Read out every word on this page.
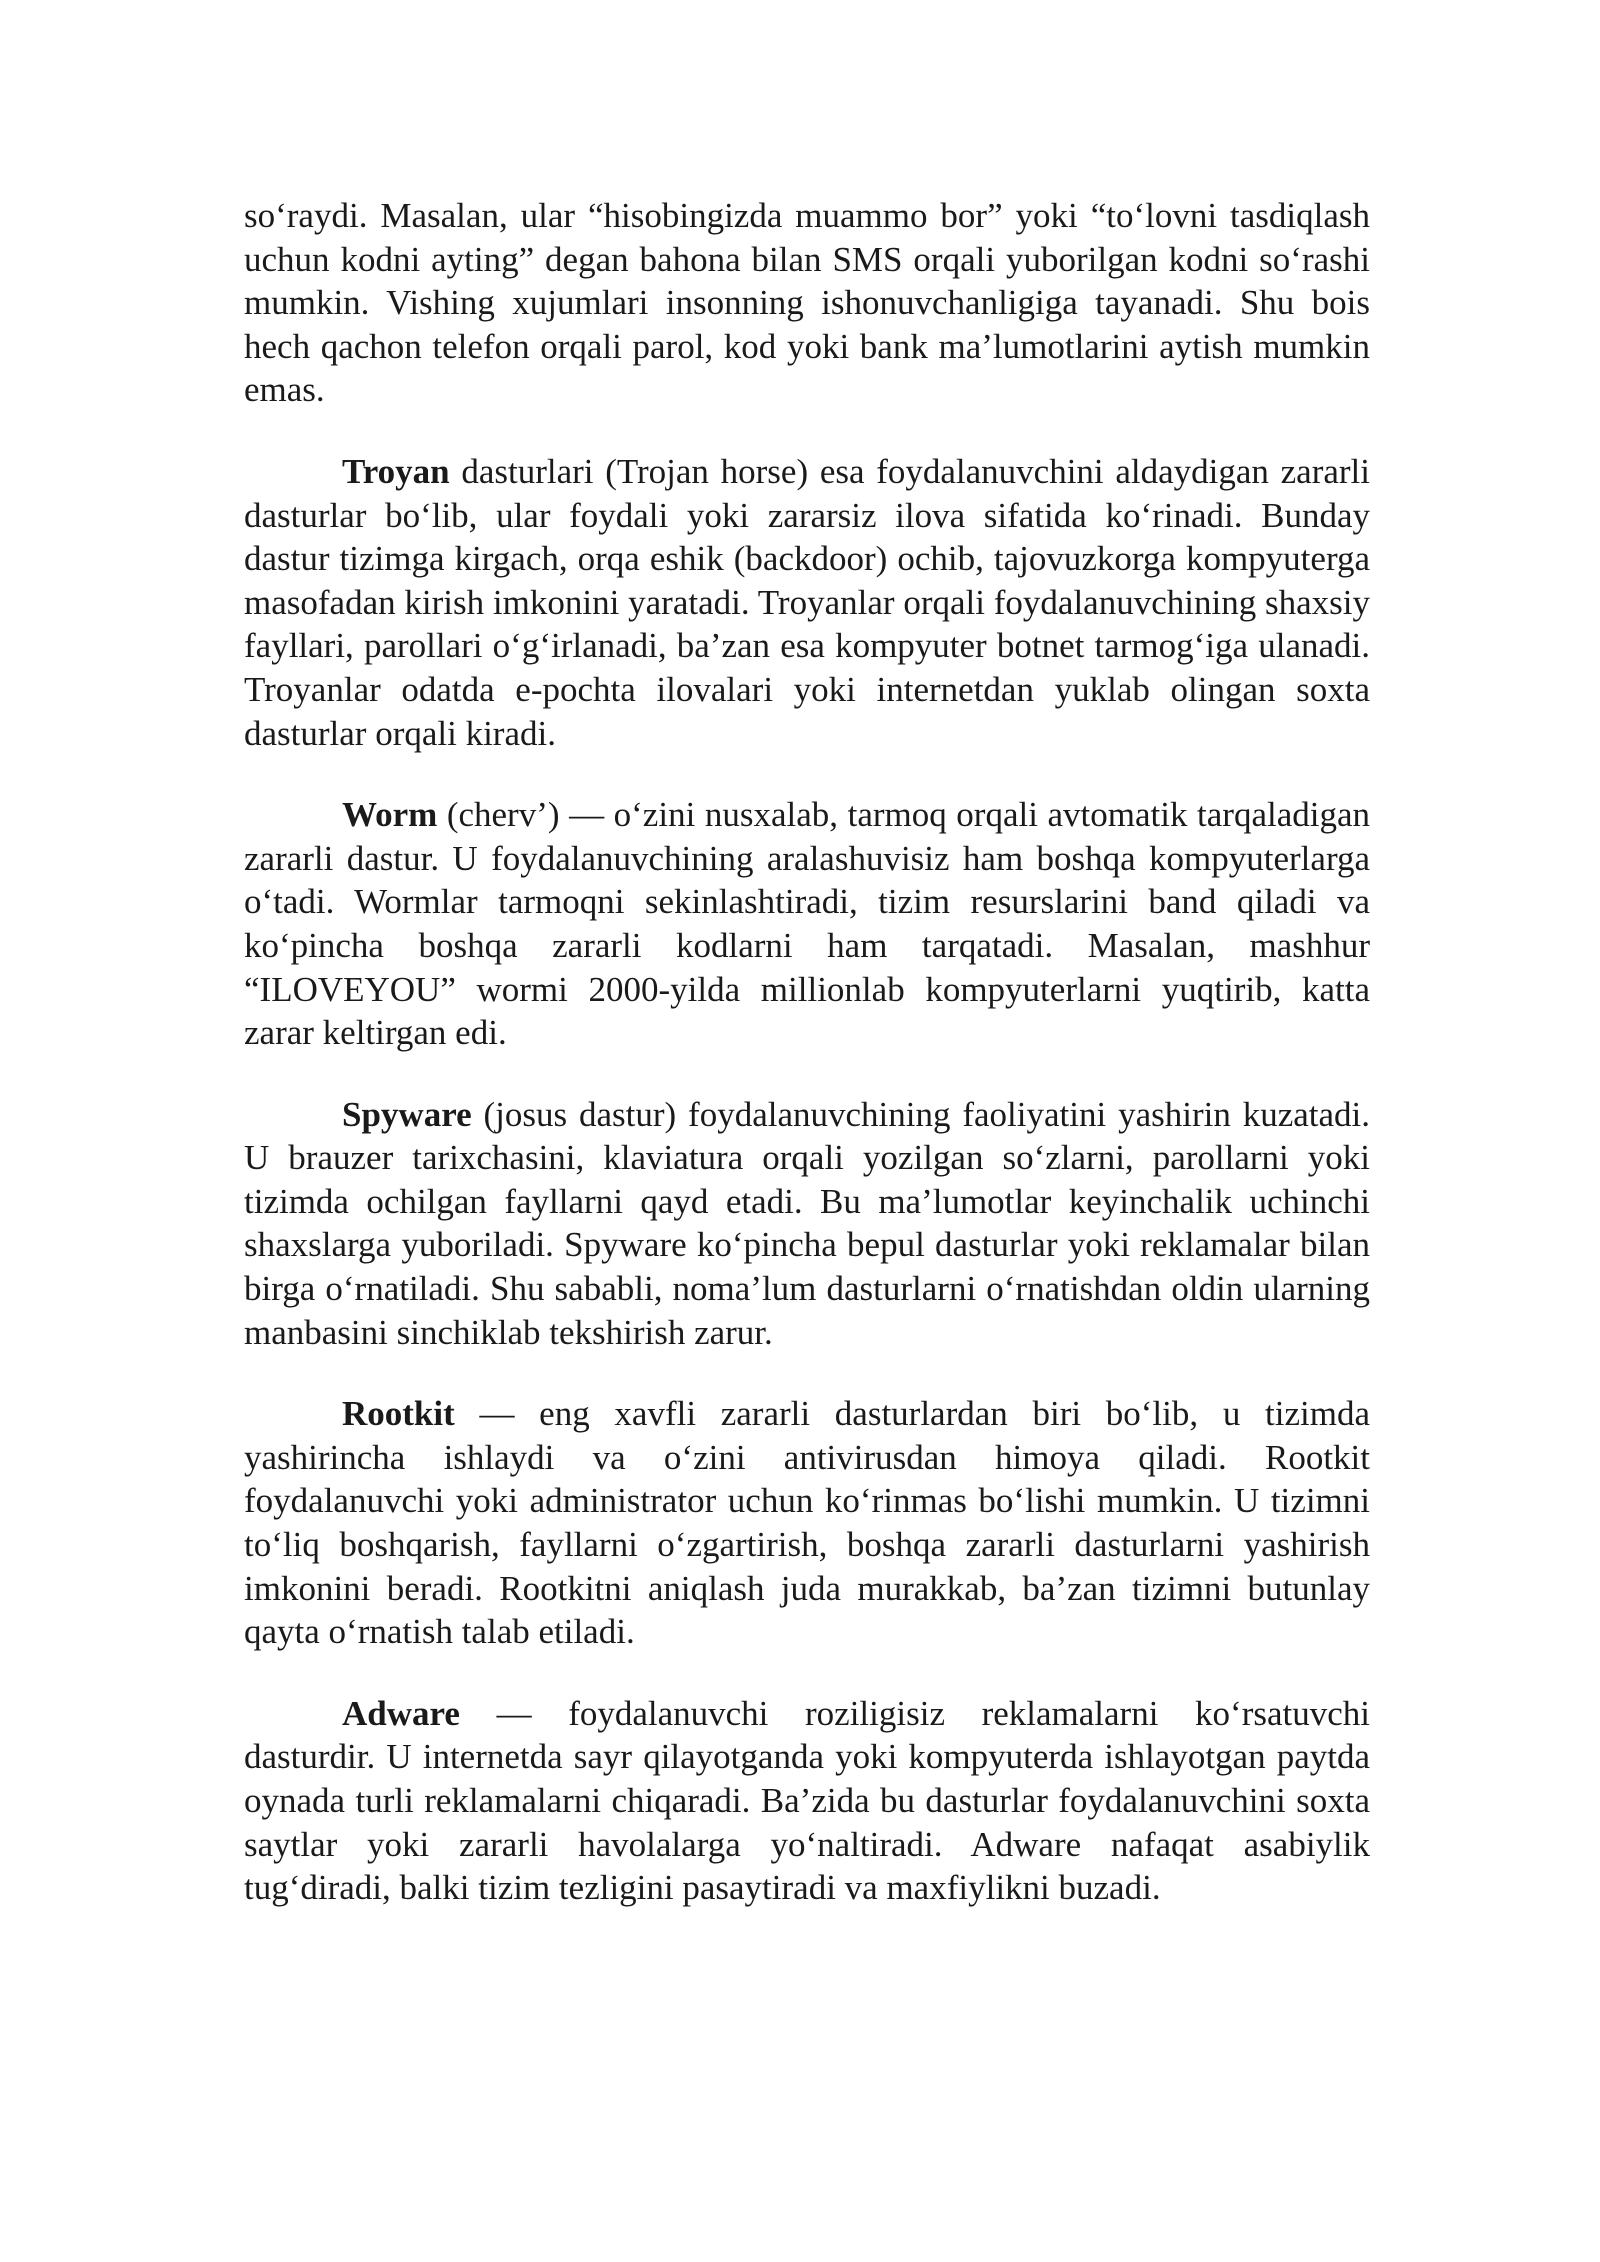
so‘raydi. Masalan, ular “hisobingizda muammo bor” yoki “to‘lovni tasdiqlash uchun kodni ayting” degan bahona bilan SMS orqali yuborilgan kodni so‘rashi mumkin. Vishing xujumlari insonning ishonuvchanligiga tayanadi. Shu bois hech qachon telefon orqali parol, kod yoki bank ma’lumotlarini aytish mumkin emas.

Troyan dasturlari (Trojan horse) esa foydalanuvchini aldaydigan zararli dasturlar bo‘lib, ular foydali yoki zararsiz ilova sifatida ko‘rinadi. Bunday dastur tizimga kirgach, orqa eshik (backdoor) ochib, tajovuzkorga kompyuterga masofadan kirish imkonini yaratadi. Troyanlar orqali foydalanuvchining shaxsiy fayllari, parollari o‘g‘irlanadi, ba’zan esa kompyuter botnet tarmog‘iga ulanadi. Troyanlar odatda e-pochta ilovalari yoki internetdan yuklab olingan soxta dasturlar orqali kiradi.

Worm (cherv’) — o‘zini nusxalab, tarmoq orqali avtomatik tarqaladigan zararli dastur. U foydalanuvchining aralashuvisiz ham boshqa kompyuterlarga o‘tadi. Wormlar tarmoqni sekinlashtiradi, tizim resurslarini band qiladi va ko‘pincha boshqa zararli kodlarni ham tarqatadi. Masalan, mashhur “ILOVEYOU” wormi 2000-yilda millionlab kompyuterlarni yuqtirib, katta zarar keltirgan edi.

Spyware (josus dastur) foydalanuvchining faoliyatini yashirin kuzatadi. U brauzer tarixchasini, klaviatura orqali yozilgan so‘zlarni, parollarni yoki tizimda ochilgan fayllarni qayd etadi. Bu ma’lumotlar keyinchalik uchinchi shaxslarga yuboriladi. Spyware ko‘pincha bepul dasturlar yoki reklamalar bilan birga o‘rnatiladi. Shu sababli, noma’lum dasturlarni o‘rnatishdan oldin ularning manbasini sinchiklab tekshirish zarur.

Rootkit — eng xavfli zararli dasturlardan biri bo‘lib, u tizimda yashirincha ishlaydi va o‘zini antivirusdan himoya qiladi. Rootkit foydalanuvchi yoki administrator uchun ko‘rinmas bo‘lishi mumkin. U tizimni to‘liq boshqarish, fayllarni o‘zgartirish, boshqa zararli dasturlarni yashirish imkonini beradi. Rootkitni aniqlash juda murakkab, ba’zan tizimni butunlay qayta o‘rnatish talab etiladi.

Adware — foydalanuvchi roziligisiz reklamalarni ko‘rsatuvchi dasturdir. U internetda sayr qilayotganda yoki kompyuterda ishlayotgan paytda oynada turli reklamalarni chiqaradi. Ba’zida bu dasturlar foydalanuvchini soxta saytlar yoki zararli havolalarga yo‘naltiradi. Adware nafaqat asabiylik tug‘diradi, balki tizim tezligini pasaytiradi va maxfiylikni buzadi.
